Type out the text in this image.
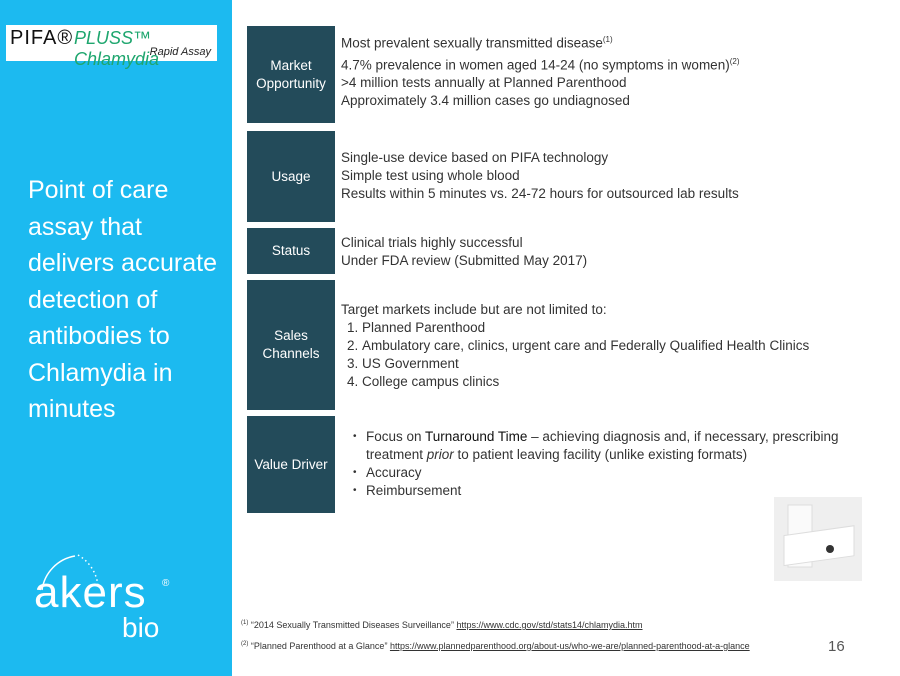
PIFA® PLUSS™ Chlamydia
Rapid Assay
Point of care assay that delivers accurate detection of antibodies to Chlamydia in minutes
akers ®
bio
Market Opportunity
Most prevalent sexually transmitted disease$^{(1)}$
4.7% prevalence in women aged 14-24 (no symptoms in women)$^{(2)}$
>4 million tests annually at Planned Parenthood
Approximately 3.4 million cases go undiagnosed
Usage
Single-use device based on PIFA technology
Simple test using whole blood
Results within 5 minutes vs. 24-72 hours for outsourced lab results
Status
Clinical trials highly successful
Under FDA review (Submitted May 2017)
Sales Channels
Target markets include but are not limited to:
1. Planned Parenthood
2. Ambulatory care, clinics, urgent care and Federally Qualified Health Clinics
3. US Government
4. College campus clinics
Value Driver
• Focus on Turnaround Time – achieving diagnosis and, if necessary, prescribing treatment prior to patient leaving facility (unlike existing formats)
• Accuracy
• Reimbursement
$^{(1)}$ “2014 Sexually Transmitted Diseases Surveillance” https://www.cdc.gov/std/stats14/chlamydia.htm
$^{(2)}$ “Planned Parenthood at a Glance” https://www.plannedparenthood.org/about-us/who-we-are/planned-parenthood-at-a-glance	16
